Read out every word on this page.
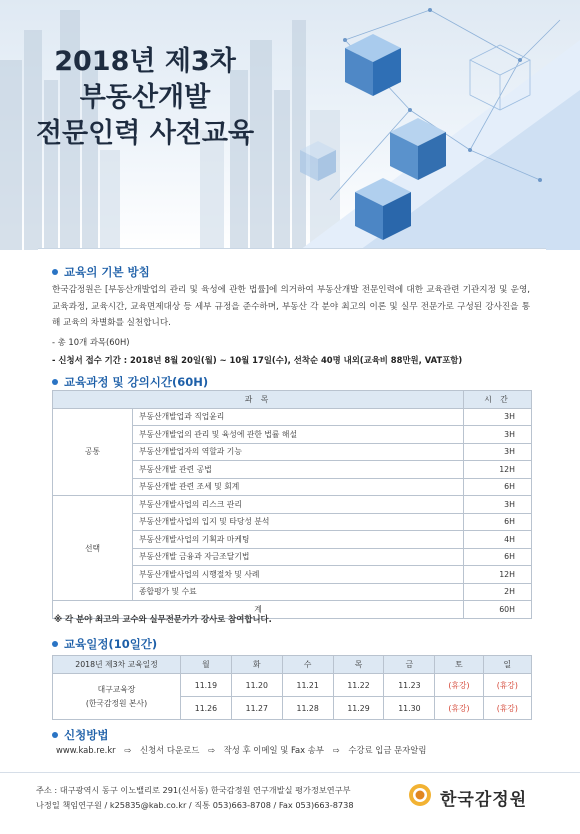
2018년 제3차
부동산개발
전문인력 사전교육
교육의 기본 방침
한국감정원은 [부동산개발업의 관리 및 육성에 관한 법률]에 의거하여 부동산개발 전문인력에 대한 교육관련 기관지정 및 운영, 교육과정, 교육시간, 교육면제대상 등 세부 규정을 준수하며, 부동산 각 분야 최고의 이론 및 실무 전문가로 구성된 강사진을 통해 교육의 차별화를 실천합니다.
- 총 10개 과목(60H)
- 신청서 접수 기간 : 2018년 8월 20일(월) ~ 10월 17일(수), 선착순 40명 내외(교육비 88만원, VAT포함)
교육과정 및 강의시간(60H)
과 목		시 간
공통	부동산개발업과 직업윤리	3H
	부동산개발업의 관리 및 육성에 관한 법률 해설	3H
	부동산개발업자의 역할과 기능	3H
	부동산개발 관련 공법	12H
	부동산개발 관련 조세 및 회계	6H
선택	부동산개발사업의 리스크 관리	3H
	부동산개발사업의 입지 및 타당성 분석	6H
	부동산개발사업의 기획과 마케팅	4H
	부동산개발 금융과 자금조달기법	6H
	부동산개발사업의 시행절차 및 사례	12H
	종합평가 및 수료	2H
계		60H
※ 각 분야 최고의 교수와 실무전문가가 강사로 참여합니다.
교육일정(10일간)
2018년 제3차 교육일정	월	화	수	목	금	토	일
대구교육장
(한국감정원 본사)	11.19	11.20	11.21	11.22	11.23	(휴강)	(휴강)
	11.26	11.27	11.28	11.29	11.30	(휴강)	(휴강)
신청방법
www.kab.re.kr ⇨ 신청서 다운로드 ⇨ 작성 후 이메일 및 Fax 송부 ⇨ 수강료 입금 문자알림
주소 : 대구광역시 동구 이노밸리로 291(신서동) 한국감정원 연구개발실 평가정보연구부
나정일 책임연구원 / k25835@kab.co.kr / 직통 053)663-8708 / Fax 053)663-8738	한국감정원
